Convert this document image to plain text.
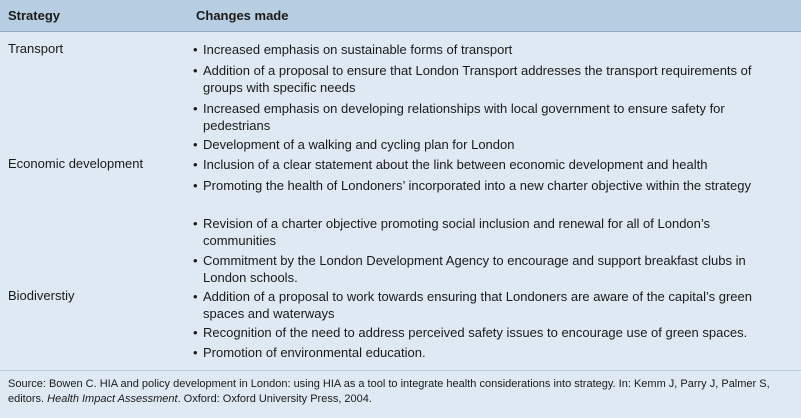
Strategy	Changes made
Transport	• Increased emphasis on sustainable forms of transport
• Addition of a proposal to ensure that London Transport addresses the transport requirements of groups with specific needs
• Increased emphasis on developing relationships with local government to ensure safety for pedestrians
• Development of a walking and cycling plan for London
Economic development	• Inclusion of a clear statement about the link between economic development and health
• Promoting the health of Londoners’ incorporated into a new charter objective within the strategy
• Revision of a charter objective promoting social inclusion and renewal for all of London’s communities
• Commitment by the London Development Agency to encourage and support breakfast clubs in London schools.
Biodiverstiy	• Addition of a proposal to work towards ensuring that Londoners are aware of the capital’s green spaces and waterways
• Recognition of the need to address perceived safety issues to encourage use of green spaces.
• Promotion of environmental education.
Source: Bowen C. HIA and policy development in London: using HIA as a tool to integrate health considerations into strategy. In: Kemm J, Parry J, Palmer S, editors. Health Impact Assessment. Oxford: Oxford University Press, 2004.
